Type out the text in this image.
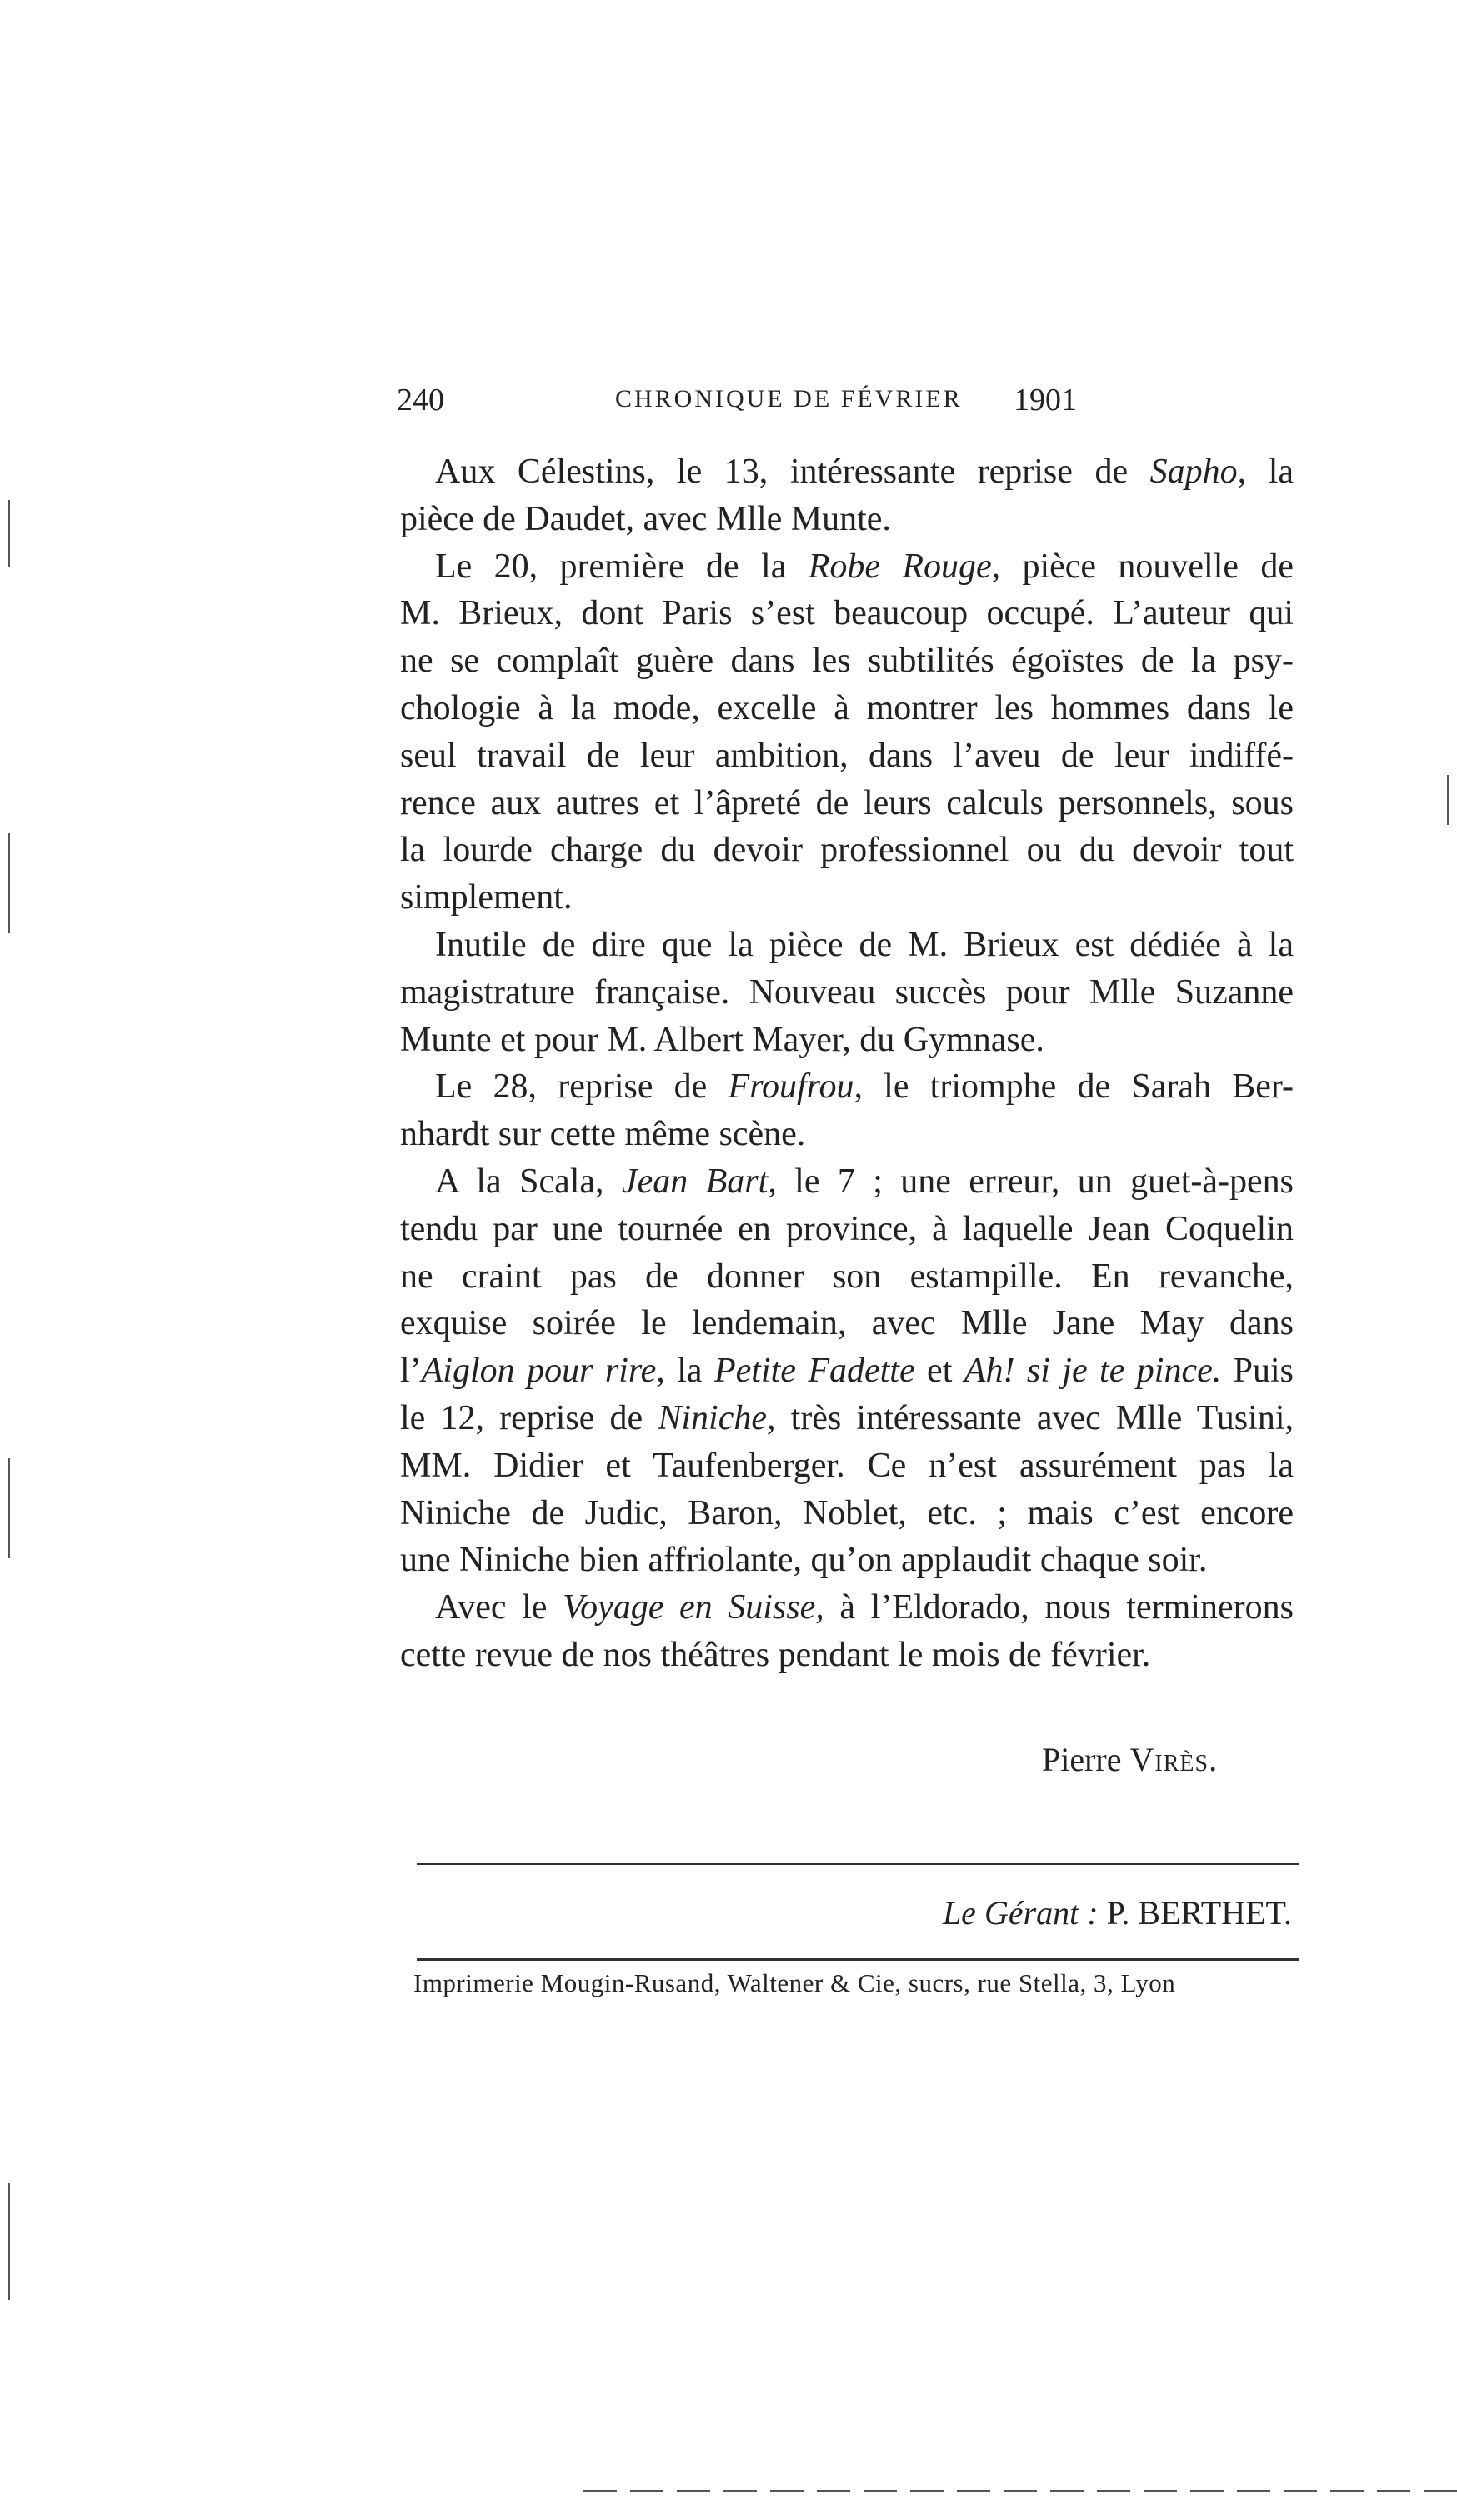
240	CHRONIQUE DE FÉVRIER 1901
Aux Célestins, le 13, intéressante reprise de Sapho, la
pièce de Daudet, avec Mlle Munte.
Le 20, première de la Robe Rouge, pièce nouvelle de
M. Brieux, dont Paris s’est beaucoup occupé. L’auteur qui
ne se complaît guère dans les subtilités égoïstes de la psy-
chologie à la mode, excelle à montrer les hommes dans le
seul travail de leur ambition, dans l’aveu de leur indiffé-
rence aux autres et l’âpreté de leurs calculs personnels, sous
la lourde charge du devoir professionnel ou du devoir tout
simplement.
Inutile de dire que la pièce de M. Brieux est dédiée à la
magistrature française. Nouveau succès pour Mlle Suzanne
Munte et pour M. Albert Mayer, du Gymnase.
Le 28, reprise de Froufrou, le triomphe de Sarah Ber-
nhardt sur cette même scène.
A la Scala, Jean Bart, le 7 ; une erreur, un guet-à-pens
tendu par une tournée en province, à laquelle Jean Coquelin
ne craint pas de donner son estampille. En revanche,
exquise soirée le lendemain, avec Mlle Jane May dans
l’Aiglon pour rire, la Petite Fadette et Ah! si je te pince. Puis
le 12, reprise de Niniche, très intéressante avec Mlle Tusini,
MM. Didier et Taufenberger. Ce n’est assurément pas la
Niniche de Judic, Baron, Noblet, etc. ; mais c’est encore
une Niniche bien affriolante, qu’on applaudit chaque soir.
Avec le Voyage en Suisse, à l’Eldorado, nous terminerons
cette revue de nos théâtres pendant le mois de février.
Pierre Virès.
Le Gérant : P. BERTHET.
Imprimerie Mougin-Rusand, Waltener & Cie, sucrs, rue Stella, 3, Lyon
